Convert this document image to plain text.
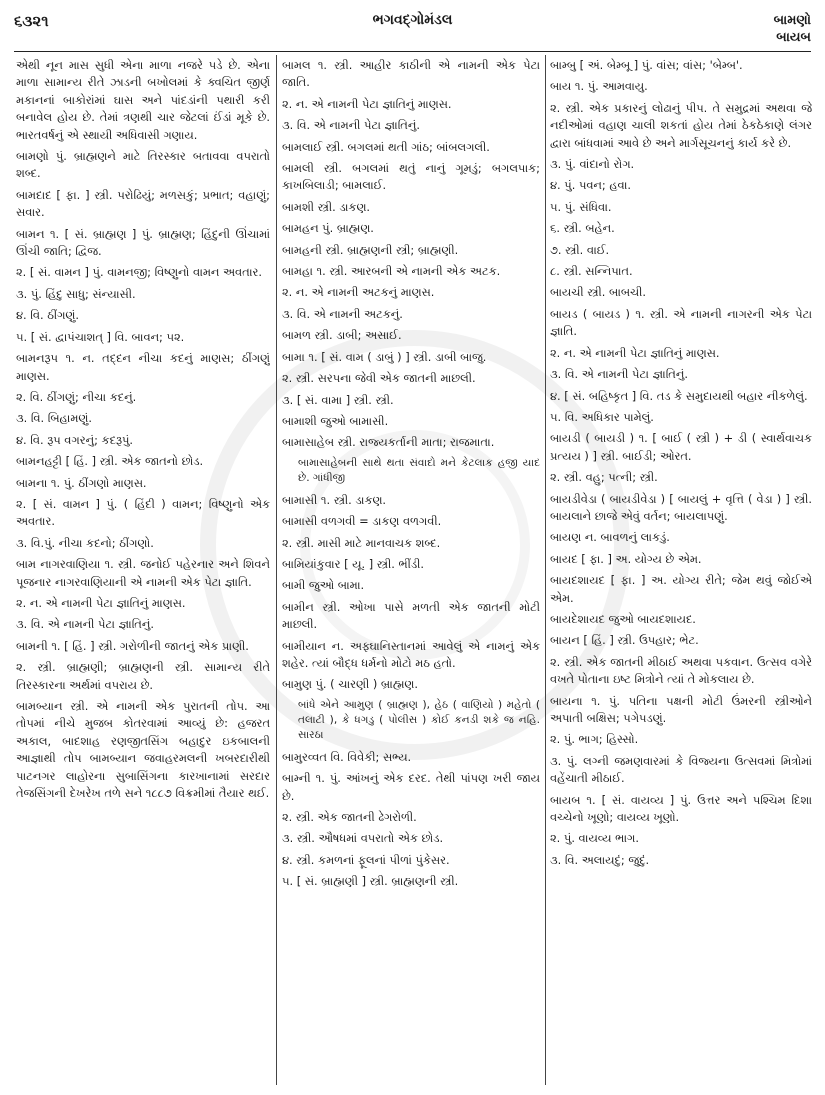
૬૩૨૧	ભગવદ્‌ગોમંડલ	બામણો
બાયબ

એથી નૂન માસ સુધી એના માળા નજરે પડે છે. એના માળા સામાન્ય રીતે ઝાડની બખોલમાં કે ક્વચિત જીર્ણ મકાનનાં બાકોરાંમાં ઘાસ અને પાંદડાંની પથારી કરી બનાવેલ હોય છે. તેમાં ત્રણથી ચાર જેટલાં ઈંડાં મૂકે છે. ભારતવર્ષનું એ સ્થાયી અધિવાસી ગણાય.

બામણો પું. બ્રાહ્મણને માટે તિરસ્કાર બતાવવા વપરાતો શબ્દ.

બામદાદ [ ફા. ] સ્ત્રી. પરોઢિયું; મળસકું; પ્રભાત; વહાણું; સવાર.

બામન ૧. [ સં. બ્રાહ્મણ ] પું. બ્રાહ્મણ; હિંદુની ઊંચામાં ઊંચી જાતિ; દ્વિજ.

૨. [ સં. વામન ] પું. વામનજી; વિષ્ણુનો વામન અવતાર.

૩. પું. હિંદુ સાધુ; સંન્યાસી.

૪. વિ. ઠીંગણું.

૫. [ સં. દ્વાપંચાશત્ ] વિ. બાવન; ૫૨.

બામનરૂપ ૧. ન. તદ્દન નીચા કદનું માણસ; ઠીંગણું માણસ.

૨. વિ. ઠીંગણું; નીચા કદનું.

૩. વિ. બિહામણું.

૪. વિ. રૂપ વગરનું; કદરૂપું.

બામનહટ્ટી [ હિં. ] સ્ત્રી. એક જાતનો છોડ.

બામના ૧. પું. ઠીંગણો માણસ.

૨. [ સં. વામન ] પું. ( હિંદી ) વામન; વિષ્ણુનો એક અવતાર.

૩. વિ.પું. નીચા કદનો; ઠીંગણો.

બામ નાગરવાણિયા ૧. સ્ત્રી. જનોઈ પહેરનાર અને શિવને પૂજનાર નાગરવાણિયાની એ નામની એક પેટા જ્ઞાતિ.

૨. ન. એ નામની પેટા જ્ઞાતિનું માણસ.

૩. વિ. એ નામની પેટા જ્ઞાતિનું.

બામની ૧. [ હિં. ] સ્ત્રી. ગરોળીની જાતનું એક પ્રાણી.

૨. સ્ત્રી. બ્રાહ્મણી; બ્રાહ્મણની સ્ત્રી. સામાન્ય રીતે તિરસ્કારના અર્થમાં વપરાય છે.

બામબ્યાન સ્ત્રી. એ નામની એક પુરાતની તોપ. આ તોપમાં નીચે મુજબ કોતરવામાં આવ્યું છે: હજરત અકાલ, બાદશાહ રણજીતસિંગ બહાદુર ઇકબાલની આજ્ઞાથી તોપ બામબ્યાન જવાહરમલની ખબરદારીથી પાટનગર લાહોરના સુબાસિંગના કારખાનામાં સરદાર તેજસિંગની દેખરેખ તળે સને ૧૮૮૭ વિક્રમીમાં તૈયાર થઈ.

બામલ ૧. સ્ત્રી. આહીર કાઠીની એ નામની એક પેટા જાતિ.

૨. ન. એ નામની પેટા જ્ઞાતિનું માણસ.

૩. વિ. એ નામની પેટા જ્ઞાતિનું.

બામલાઈ સ્ત્રી. બગલમાં થતી ગાંઠ; બાંબલગલી.

બામલી સ્ત્રી. બગલમાં થતું નાનું ગૂમડું; બગલપાક; કાખબિલાડી; બામલાઈ.

બામશી સ્ત્રી. ડાકણ.

બામહન પું. બ્રાહ્મણ.

બામહની સ્ત્રી. બ્રાહ્મણની સ્ત્રી; બ્રાહ્મણી.

બામહા ૧. સ્ત્રી. આરબની એ નામની એક અટક.

૨. ન. એ નામની અટકનું માણસ.

૩. વિ. એ નામની અટકનું.

બામળ સ્ત્રી. ડાબી; અસાઈ.

બામા ૧. [ સં. વામ ( ડાબું ) ] સ્ત્રી. ડાબી બાજુ.

૨. સ્ત્રી. સરપના જેવી એક જાતની માછલી.

૩. [ સં. વામા ] સ્ત્રી. સ્ત્રી.

બામાશી જુઓ બામાસી.

બામાસાહેબ સ્ત્રી. રાજ્યકર્તાની માતા; રાજમાતા.

બામાસાહેબની સાથે થતા સંવાદો મને કેટલાક હજી યાદ છે. ગાંધીજી

બામાસી ૧. સ્ત્રી. ડાકણ.

બામાસી વળગવી = ડાકણ વળગવી.

૨. સ્ત્રી. માસી માટે માનવાચક શબ્દ.

બામિયાંકુવાર [ યૂ. ] સ્ત્રી. ભીંડી.

બામી જુઓ બામા.

બામીન સ્ત્રી. ઓખા પાસે મળતી એક જાતની મોટી માછલી.

બામીયાન ન. અફ્ઘાનિસ્તાનમાં આવેલું એ નામનું એક શહેર. ત્યાં બૌદ્ધ ધર્મનો મોટો મઠ હતો.

બામુણ પું. ( ચારણી ) બ્રાહ્મણ.

બાંધે એને આમુણ ( બ્રાહ્મણ ), હેઠ ( વાણિયો ) મહેતો ( તલાટી ), કે ધગડુ ( પોલીસ ) કોઈ કનડી શકે જ નહિ. સારઠા

બામુરવ્વત વિ. વિવેકી; સભ્ય.

બામ્ની ૧. પું. આંખનું એક દરદ. તેથી પાંપણ ખરી જાય છે.

૨. સ્ત્રી. એક જાતની ઢેગરોળી.

૩. સ્ત્રી. ઔષધમાં વપરાતો એક છોડ.

૪. સ્ત્રી. કમળનાં ફૂલનાં પીળાં પુંકેસર.

૫. [ સં. બ્રાહ્મણી ] સ્ત્રી. બ્રાહ્મણની સ્ત્રી.

બામ્બુ [ અં. બેમ્બૂ ] પું. વાંસ; વાંસ; 'બેમ્બ'.

બાય ૧. પું. આમવાયુ.

૨. સ્ત્રી. એક પ્રકારનું લોઢાનું પીપ. તે સમુદ્રમાં અથવા જે નદીઓમાં વહાણ ચાલી શકતાં હોય તેમાં ઠેકઠેકાણે લંગર દ્વારા બાંધવામાં આવે છે અને માર્ગસૂચનનું કાર્ય કરે છે.

૩. પું. વાંદાનો રોગ.

૪. પું. પવન; હવા.

૫. પું. સંધિવા.

૬. સ્ત્રી. બહેન.

૭. સ્ત્રી. વાઈ.

૮. સ્ત્રી. સન્નિપાત.

બાયચી સ્ત્રી. બાબચી.

બાયડ ( બાયડ ) ૧. સ્ત્રી. એ નામની નાગરની એક પેટા જ્ઞાતિ.

૨. ન. એ નામની પેટા જ્ઞાતિનું માણસ.

૩. વિ. એ નામની પેટા જ્ઞાતિનું.

૪. [ સં. બહિષ્કૃત ] વિ. તડ કે સમુદાયથી બહાર નીકળેલું.

૫. વિ. અધિકાર પામેલું.

બાયડી ( બાયડી ) ૧. [ બાઈ ( સ્ત્રી ) + ડી ( સ્વાર્થવાચક પ્રત્યય ) ] સ્ત્રી. બાઈડી; ઓરત.

૨. સ્ત્રી. વહુ; પત્ની; સ્ત્રી.

બાયડીવેડા ( બાયડીવેડા ) [ બાયલું + વૃત્તિ ( વેડા ) ] સ્ત્રી. બાયલાને છાજે એવું વર્તન; બાયલાપણું.

બાયણ ન. બાવળનું લાકડું.

બાયદ [ ફા. ] અ. યોગ્ય છે એમ.

બાયદશાયદ [ ફા. ] અ. યોગ્ય રીતે; જેમ થવું જોઈએ એમ.

બાયદેશાયદ જુઓ બાયદશાયદ.

બાયન [ હિં. ] સ્ત્રી. ઉપહાર; ભેટ.

૨. સ્ત્રી. એક જાતની મીઠાઈ અથવા પકવાન. ઉત્સવ વગેરે વખતે પોતાના ઇષ્ટ મિત્રોને ત્યાં તે મોકલાય છે.

બાયના ૧. પું. પતિના પક્ષની મોટી ઉંમરની સ્ત્રીઓને અપાતી બક્ષિસ; પગેપડણું.

૨. પું. ભાગ; હિસ્સો.

૩. પું. લગ્ની જમણવારમાં કે વિજ્યના ઉત્સવમાં મિત્રોમાં વહેંચાતી મીઠાઈ.

બાયબ ૧. [ સં. વાયવ્ય ] પું. ઉત્તર અને પશ્ચિમ દિશા વચ્ચેનો ખૂણો; વાયવ્ય ખૂણો.

૨. પું. વાયવ્ય ભાગ.

૩. વિ. અલાયદું; જુદું.
